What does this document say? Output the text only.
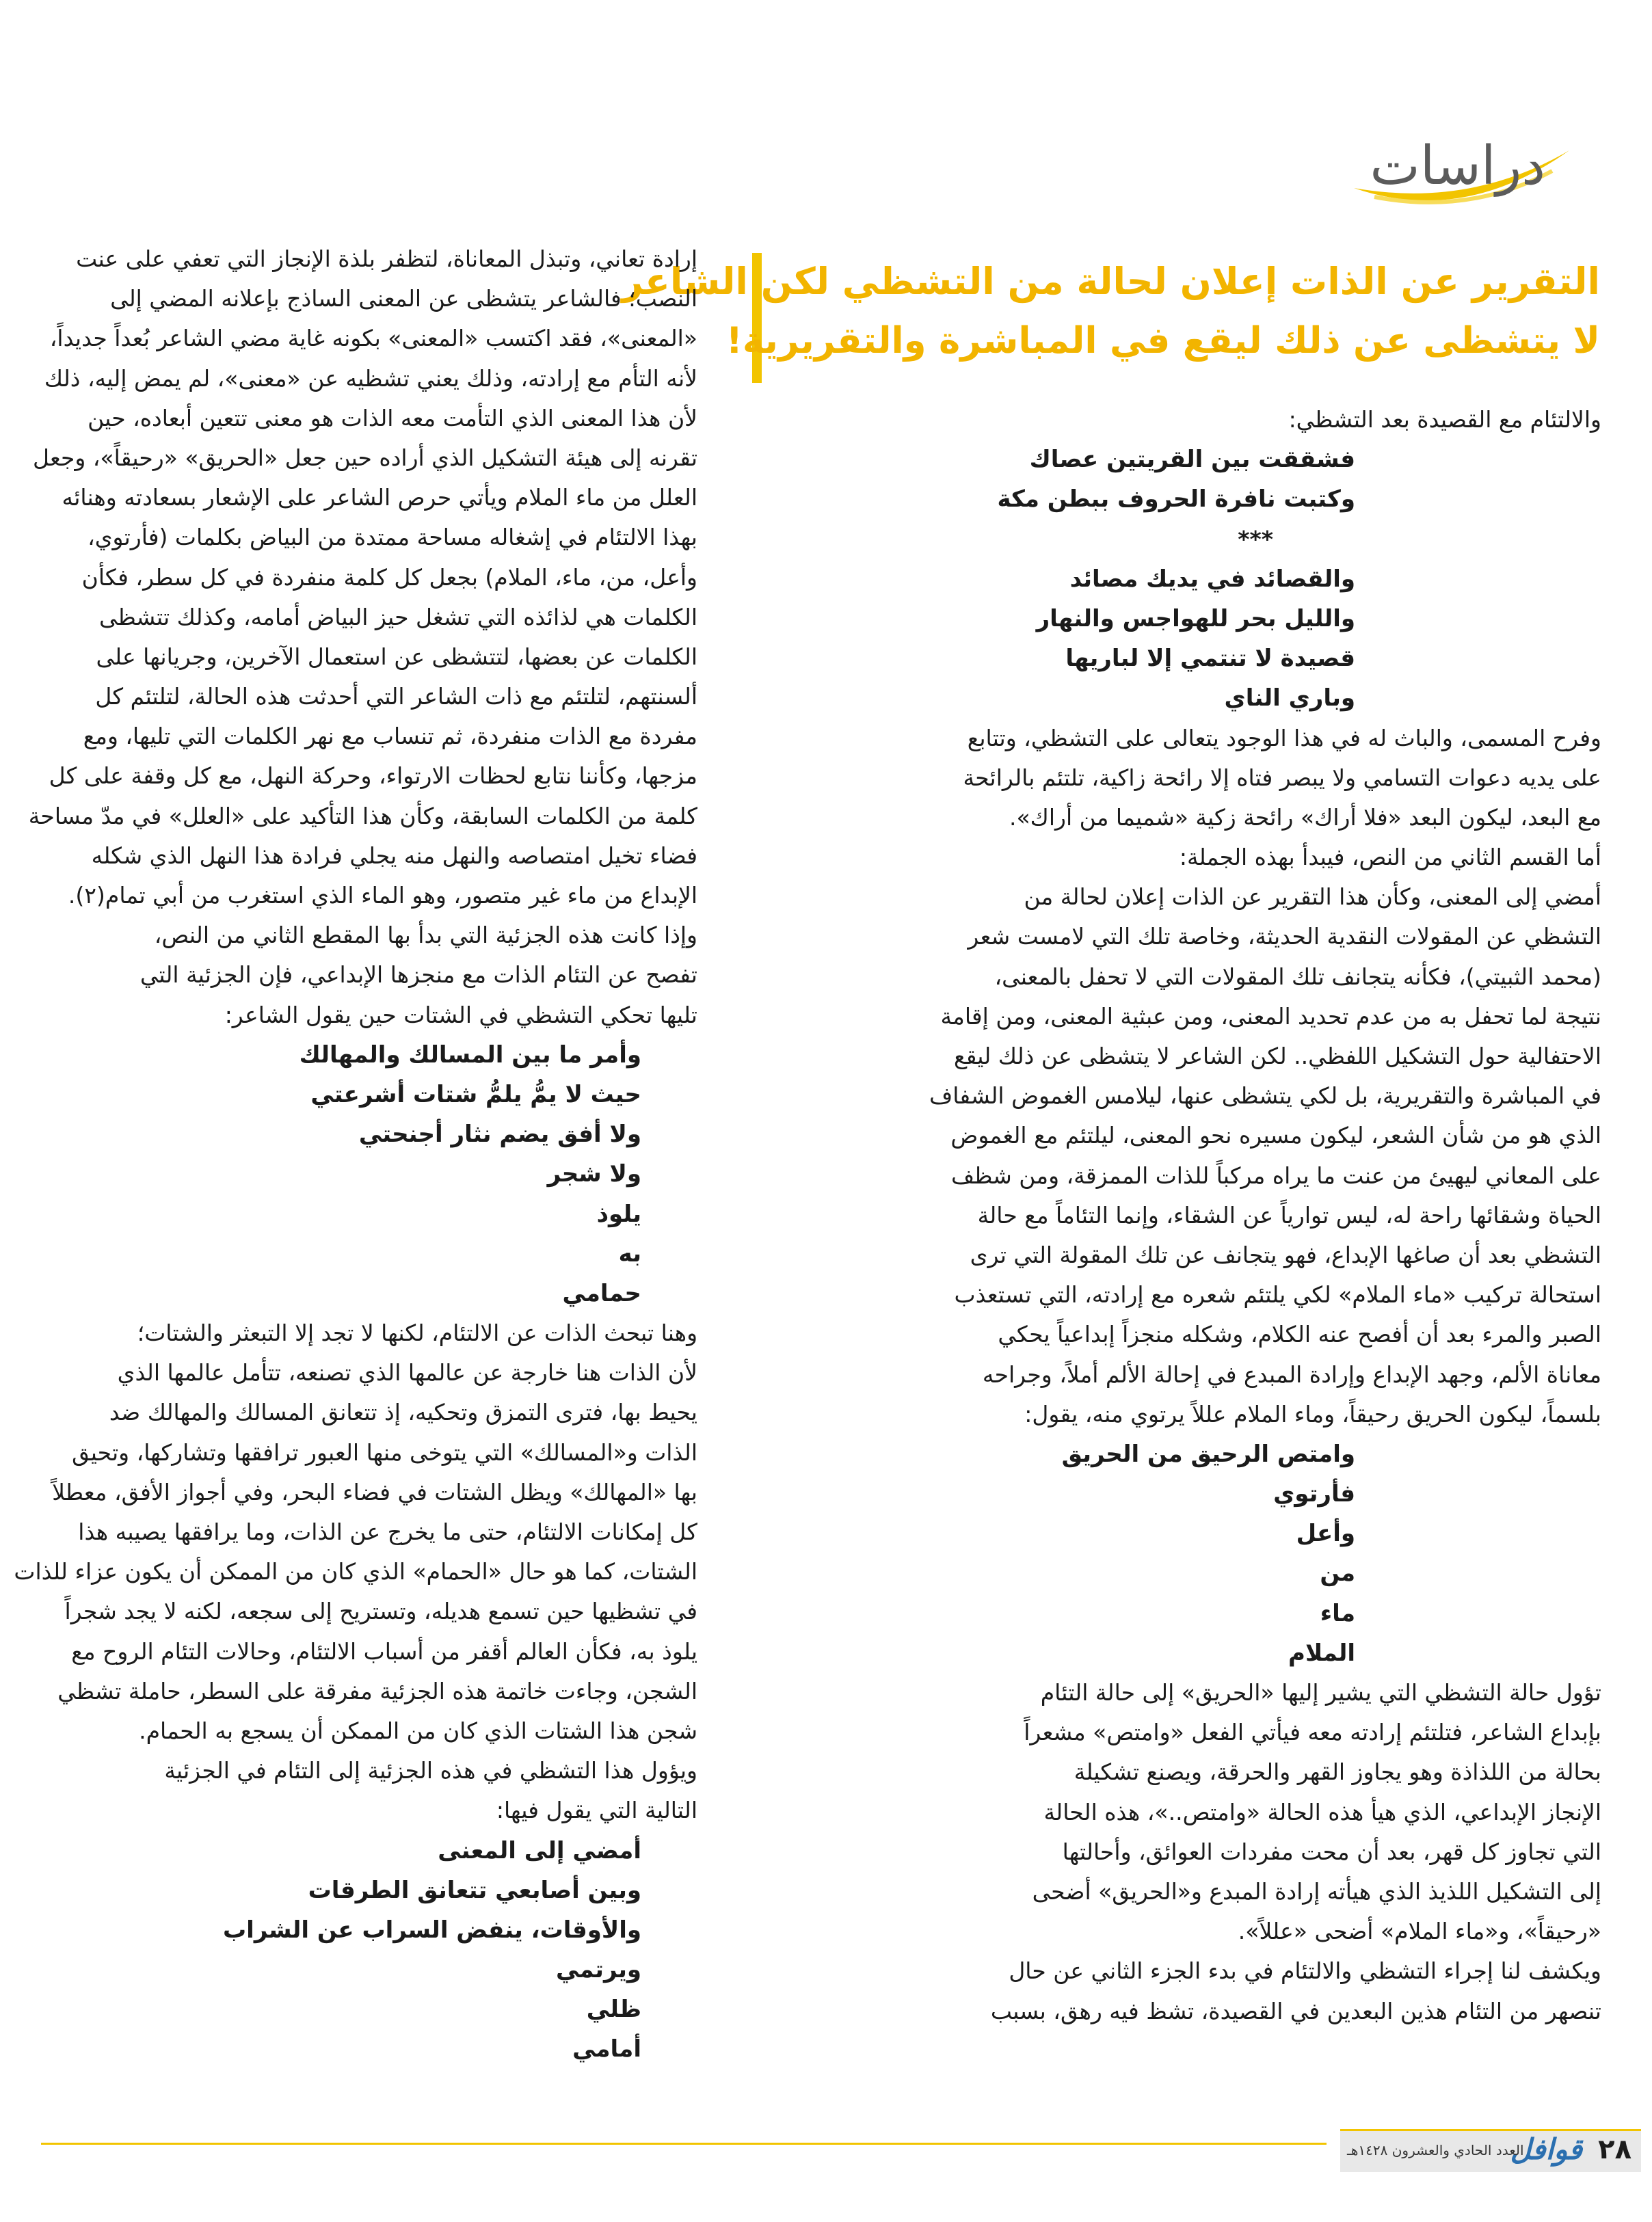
دراسات
التقرير عن الذات إعلان لحالة من التشظي لكن الشاعر
لا يتشظى عن ذلك ليقع في المباشرة والتقريرية!
والالتئام مع القصيدة بعد التشظي:
فشققت بين القريتين عصاك
وكتبت نافرة الحروف ببطن مكة
***
والقصائد في يديك مصائد
والليل بحر للهواجس والنهار
قصيدة لا تنتمي إلا لباريها
وباري الناي
وفرح المسمى، والباث له في هذا الوجود يتعالى على التشظي، وتتابع
على يديه دعوات التسامي ولا يبصر فتاه إلا رائحة زاكية، تلتئم بالرائحة
مع البعد، ليكون البعد «فلا أراك» رائحة زكية «شميما من أراك».
أما القسم الثاني من النص، فيبدأ بهذه الجملة:
أمضي إلى المعنى، وكأن هذا التقرير عن الذات إعلان لحالة من
التشظي عن المقولات النقدية الحديثة، وخاصة تلك التي لامست شعر
(محمد الثبيتي)، فكأنه يتجانف تلك المقولات التي لا تحفل بالمعنى،
نتيجة لما تحفل به من عدم تحديد المعنى، ومن عبثية المعنى، ومن إقامة
الاحتفالية حول التشكيل اللفظي.. لكن الشاعر لا يتشظى عن ذلك ليقع
في المباشرة والتقريرية، بل لكي يتشظى عنها، ليلامس الغموض الشفاف
الذي هو من شأن الشعر، ليكون مسيره نحو المعنى، ليلتئم مع الغموض
على المعاني ليهيئ من عنت ما يراه مركباً للذات الممزقة، ومن شظف
الحياة وشقائها راحة له، ليس توارياً عن الشقاء، وإنما التئاماً مع حالة
التشظي بعد أن صاغها الإبداع، فهو يتجانف عن تلك المقولة التي ترى
استحالة تركيب «ماء الملام» لكي يلتئم شعره مع إرادته، التي تستعذب
الصبر والمرء بعد أن أفصح عنه الكلام، وشكله منجزاً إبداعياً يحكي
معاناة الألم، وجهد الإبداع وإرادة المبدع في إحالة الألم أملاً، وجراحه
بلسماً، ليكون الحريق رحيقاً، وماء الملام عللاً يرتوي منه، يقول:
وامتص الرحيق من الحريق
فأرتوي
وأعل
من
ماء
الملام
تؤول حالة التشظي التي يشير إليها «الحريق» إلى حالة التئام
بإبداع الشاعر، فتلتئم إرادته معه فيأتي الفعل «وامتص» مشعراً
بحالة من اللذاذة وهو يجاوز القهر والحرقة، ويصنع تشكيلة
الإنجاز الإبداعي، الذي هيأ هذه الحالة «وامتص..»، هذه الحالة
التي تجاوز كل قهر، بعد أن محت مفردات العوائق، وأحالتها
إلى التشكيل اللذيذ الذي هيأته إرادة المبدع و«الحريق» أضحى
«رحيقاً»، و«ماء الملام» أضحى «عللاً».
ويكشف لنا إجراء التشظي والالتئام في بدء الجزء الثاني عن حال
تنصهر من التئام هذين البعدين في القصيدة، تشظ فيه رهق، بسبب
إرادة تعاني، وتبذل المعاناة، لتظفر بلذة الإنجاز التي تعفي على عنت
النصب؛ فالشاعر يتشظى عن المعنى الساذج بإعلانه المضي إلى
«المعنى»، فقد اكتسب «المعنى» بكونه غاية مضي الشاعر بُعداً جديداً،
لأنه التأم مع إرادته، وذلك يعني تشظيه عن «معنى»، لم يمض إليه، ذلك
لأن هذا المعنى الذي التأمت معه الذات هو معنى تتعين أبعاده، حين
تقرنه إلى هيئة التشكيل الذي أراده حين جعل «الحريق» «رحيقاً»، وجعل
العلل من ماء الملام ويأتي حرص الشاعر على الإشعار بسعادته وهنائه
بهذا الالتئام في إشغاله مساحة ممتدة من البياض بكلمات (فأرتوي،
وأعل، من، ماء، الملام) بجعل كل كلمة منفردة في كل سطر، فكأن
الكلمات هي لذائذه التي تشغل حيز البياض أمامه، وكذلك تتشظى
الكلمات عن بعضها، لتتشظى عن استعمال الآخرين، وجريانها على
ألسنتهم، لتلتئم مع ذات الشاعر التي أحدثت هذه الحالة، لتلتئم كل
مفردة مع الذات منفردة، ثم تنساب مع نهر الكلمات التي تليها، ومع
مزجها، وكأننا نتابع لحظات الارتواء، وحركة النهل، مع كل وقفة على كل
كلمة من الكلمات السابقة، وكأن هذا التأكيد على «العلل» في مدّ مساحة
فضاء تخيل امتصاصه والنهل منه يجلي فرادة هذا النهل الذي شكله
الإبداع من ماء غير متصور، وهو الماء الذي استغرب من أبي تمام(٢).
وإذا كانت هذه الجزئية التي بدأ بها المقطع الثاني من النص،
تفصح عن التئام الذات مع منجزها الإبداعي، فإن الجزئية التي
تليها تحكي التشظي في الشتات حين يقول الشاعر:
وأمر ما بين المسالك والمهالك
حيث لا يمُّ يلمُّ شتات أشرعتي
ولا أفق يضم نثار أجنحتي
ولا شجر
يلوذ
به
حمامي
وهنا تبحث الذات عن الالتئام، لكنها لا تجد إلا التبعثر والشتات؛
لأن الذات هنا خارجة عن عالمها الذي تصنعه، تتأمل عالمها الذي
يحيط بها، فترى التمزق وتحكيه، إذ تتعانق المسالك والمهالك ضد
الذات و«المسالك» التي يتوخى منها العبور ترافقها وتشاركها، وتحيق
بها «المهالك» ويظل الشتات في فضاء البحر، وفي أجواز الأفق، معطلاً
كل إمكانات الالتئام، حتى ما يخرج عن الذات، وما يرافقها يصيبه هذا
الشتات، كما هو حال «الحمام» الذي كان من الممكن أن يكون عزاء للذات
في تشظيها حين تسمع هديله، وتستريح إلى سجعه، لكنه لا يجد شجراً
يلوذ به، فكأن العالم أقفر من أسباب الالتئام، وحالات التئام الروح مع
الشجن، وجاءت خاتمة هذه الجزئية مفرقة على السطر، حاملة تشظي
شجن هذا الشتات الذي كان من الممكن أن يسجع به الحمام.
ويؤول هذا التشظي في هذه الجزئية إلى التئام في الجزئية
التالية التي يقول فيها:
أمضي إلى المعنى
وبين أصابعي تتعانق الطرقات
والأوقات، ينفض السراب عن الشراب
ويرتمي
ظلي
أمامي
٢٨
قوافل
العدد الحادي والعشرون ١٤٢٨هـ
